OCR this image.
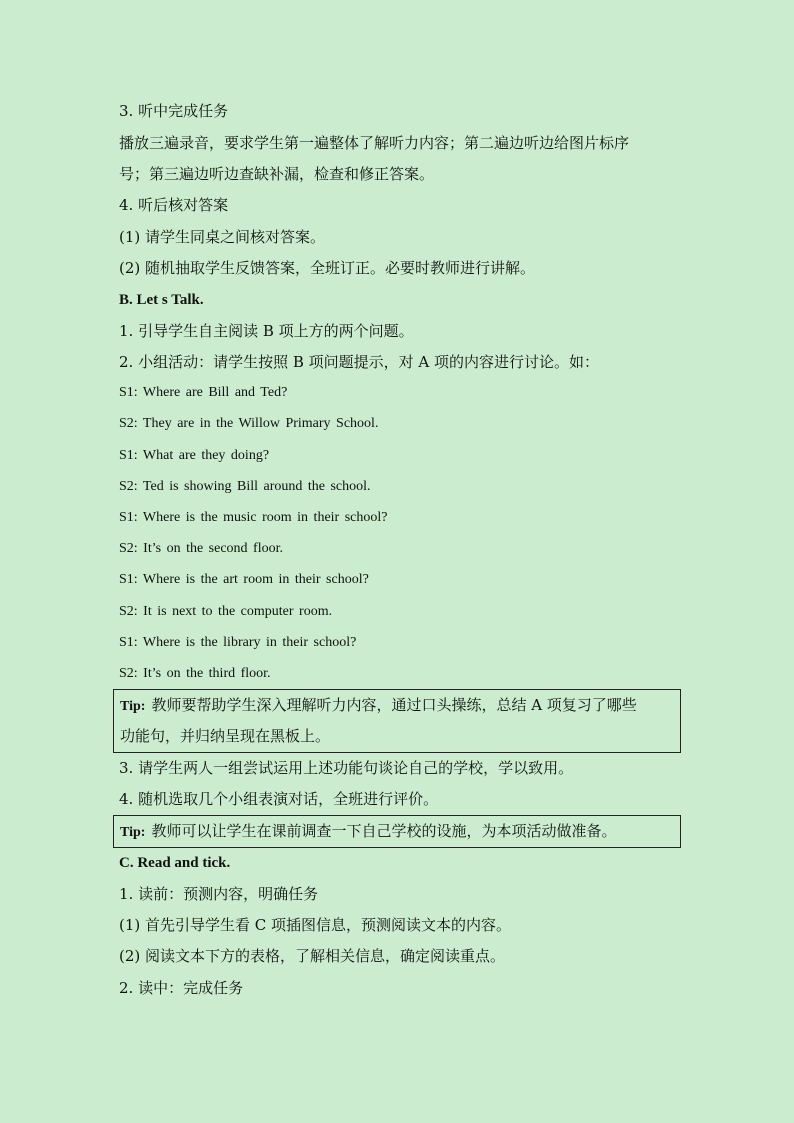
3. 听中完成任务
播放三遍录音，要求学生第一遍整体了解听力内容；第二遍边听边给图片标序
号；第三遍边听边查缺补漏，检查和修正答案。
4. 听后核对答案
(1) 请学生同桌之间核对答案。
(2) 随机抽取学生反馈答案，全班订正。必要时教师进行讲解。
B. Let s Talk.
1. 引导学生自主阅读 B 项上方的两个问题。
2. 小组活动：请学生按照 B 项问题提示，对 A 项的内容进行讨论。如：
S1: Where are Bill and Ted?
S2: They are in the Willow Primary School.
S1: What are they doing?
S2: Ted is showing Bill around the school.
S1: Where is the music room in their school?
S2: It’s on the second floor.
S1: Where is the art room in their school?
S2: It is next to the computer room.
S1: Where is the library in their school?
S2: It’s on the third floor.
Tip: 教师要帮助学生深入理解听力内容，通过口头操练，总结 A 项复习了哪些
功能句，并归纳呈现在黑板上。
3. 请学生两人一组尝试运用上述功能句谈论自己的学校，学以致用。
4. 随机选取几个小组表演对话，全班进行评价。
Tip: 教师可以让学生在课前调查一下自己学校的设施，为本项活动做准备。
C. Read and tick.
1. 读前：预测内容，明确任务
(1) 首先引导学生看 C 项插图信息，预测阅读文本的内容。
(2) 阅读文本下方的表格，了解相关信息，确定阅读重点。
2. 读中：完成任务
